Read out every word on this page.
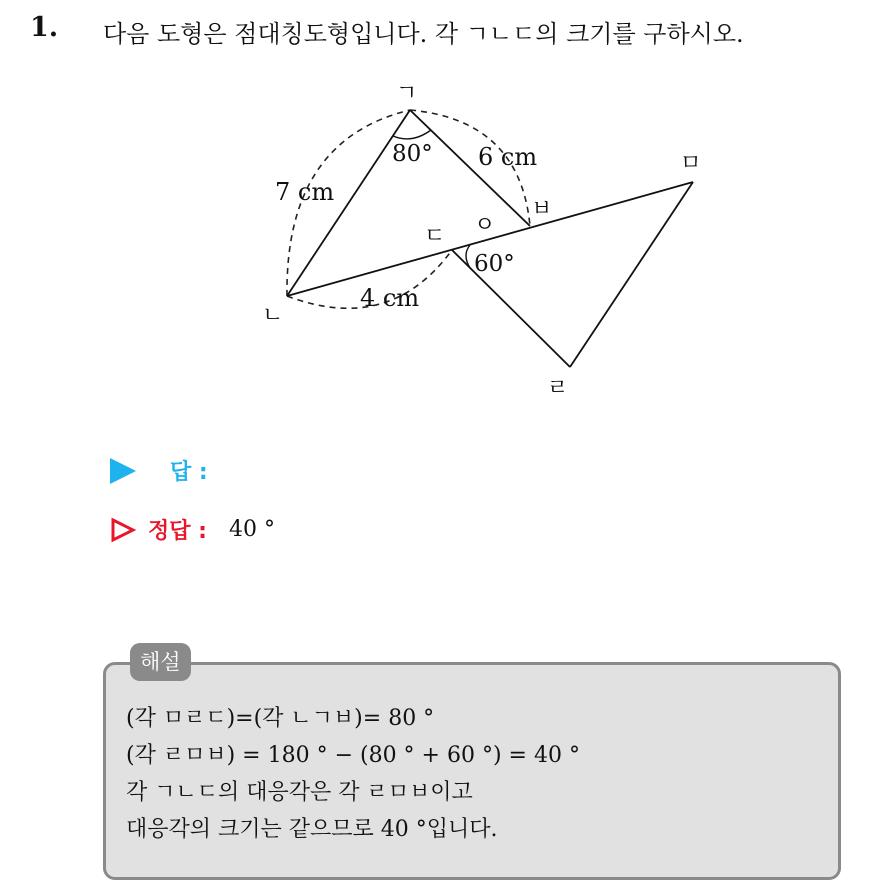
1. 다음 도형은 점대칭도형입니다. 각 ㄱㄴㄷ의 크기를 구하시오.
ㄱ
ㄴ
ㄷ ㅇ
ㅂ
ㅁ
ㄹ
7 cm
6 cm
4 cm
80°
60°
답 :
정답 : 40 °
해설
(각 ㅁㄹㄷ)=(각 ㄴㄱㅂ)= 80 °
(각 ㄹㅁㅂ) = 180 ° − (80 ° + 60 °) = 40 °
각 ㄱㄴㄷ의 대응각은 각 ㄹㅁㅂ이고
대응각의 크기는 같으므로 40 °입니다.
